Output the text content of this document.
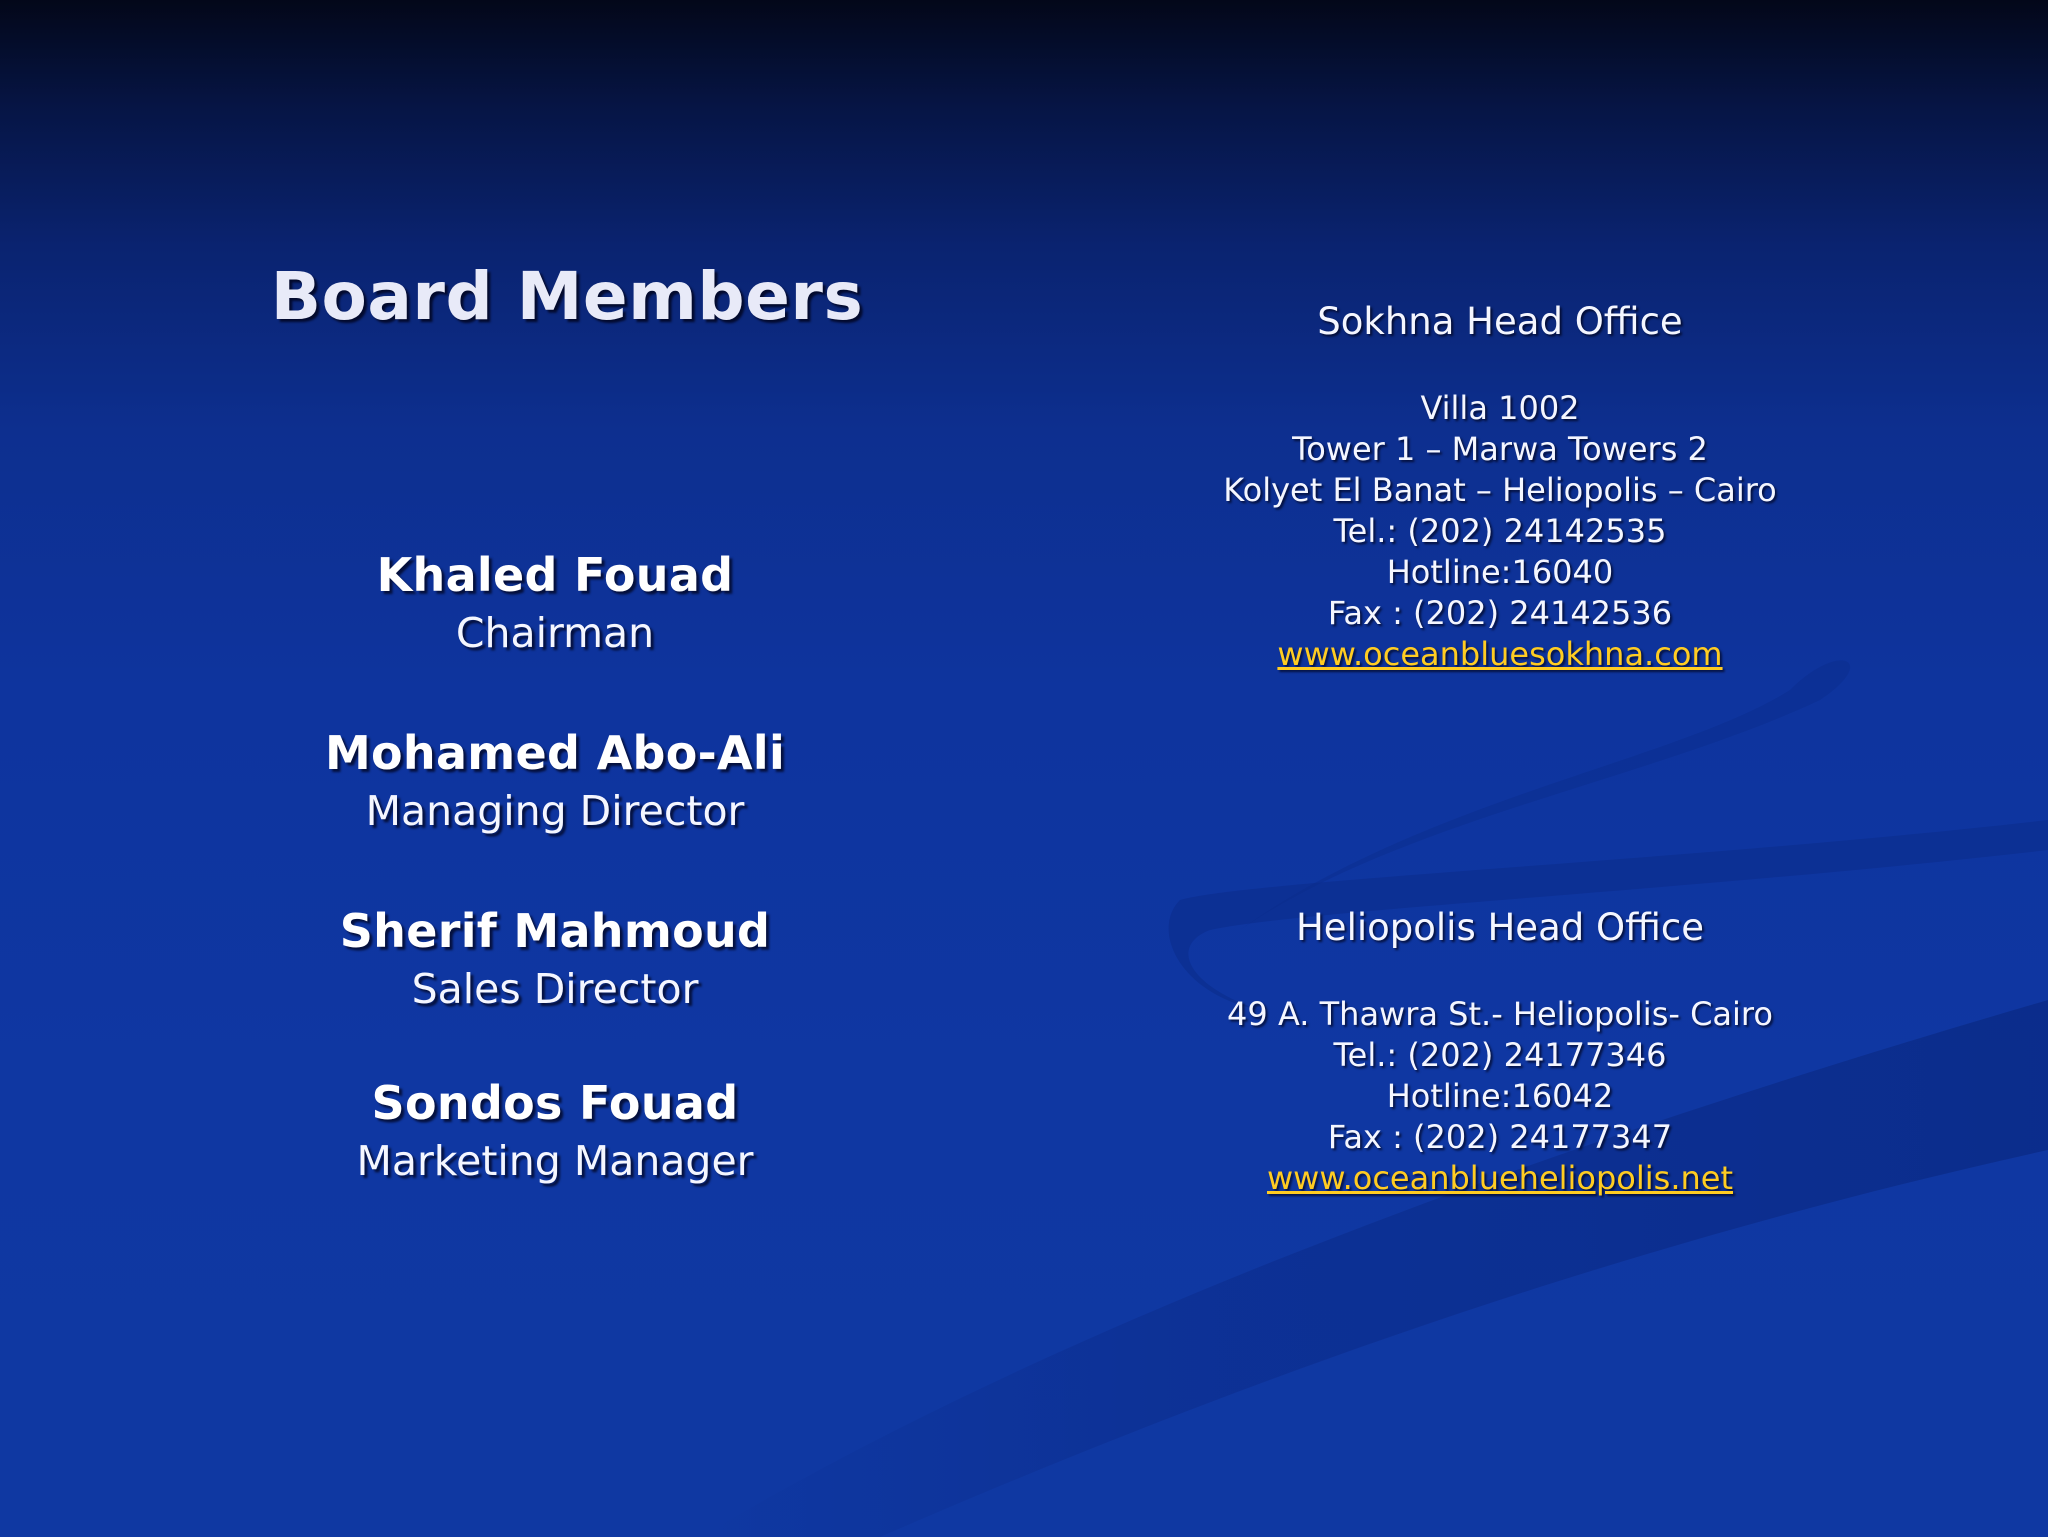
Board Members
Khaled Fouad
Chairman
Mohamed Abo-Ali
Managing Director
Sherif Mahmoud
Sales Director
Sondos Fouad
Marketing Manager
Sokhna Head Office
Villa 1002
Tower 1 – Marwa Towers 2
Kolyet El Banat – Heliopolis – Cairo
Tel.: (202) 24142535
Hotline:16040
Fax : (202) 24142536
www.oceanbluesokhna.com
Heliopolis Head Office
49 A. Thawra St.- Heliopolis- Cairo
Tel.: (202) 24177346
Hotline:16042
Fax : (202) 24177347
www.oceanblueheliopolis.net
